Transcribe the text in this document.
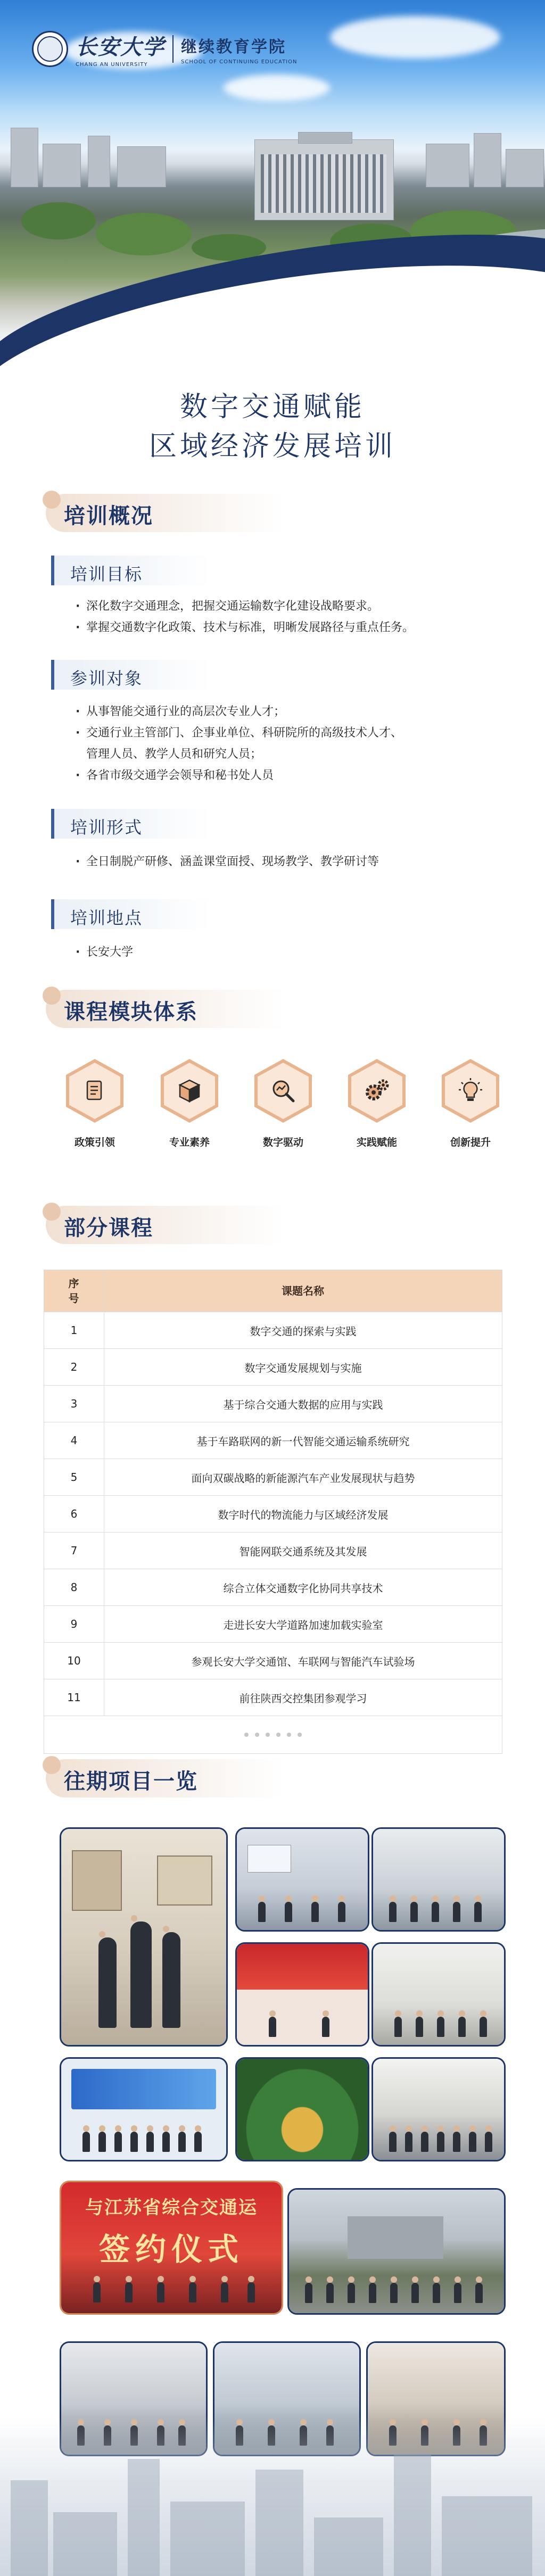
长安大学
CHANG AN UNIVERSITY
继续教育学院
SCHOOL OF CONTINUING EDUCATION
数字交通赋能
区域经济发展培训
培训概况
培训目标
· 深化数字交通理念，把握交通运输数字化建设战略要求。
· 掌握交通数字化政策、技术与标准，明晰发展路径与重点任务。
参训对象
· 从事智能交通行业的高层次专业人才；
· 交通行业主管部门、企事业单位、科研院所的高级技术人才、
管理人员、教学人员和研究人员；
· 各省市级交通学会领导和秘书处人员
培训形式
· 全日制脱产研修、涵盖课堂面授、现场教学、教学研讨等
培训地点
· 长安大学
课程模块体系
政策引领	专业素养	数字驱动	实践赋能	创新提升
部分课程
序号
课题名称
1	数字交通的探索与实践
2	数字交通发展规划与实施
3	基于综合交通大数据的应用与实践
4	基于车路联网的新一代智能交通运输系统研究
5	面向双碳战略的新能源汽车产业发展现状与趋势
6	数字时代的物流能力与区域经济发展
7	智能网联交通系统及其发展
8	综合立体交通数字化协同共享技术
9	走进长安大学道路加速加载实验室
10	参观长安大学交通馆、车联网与智能汽车试验场
11	前往陕西交控集团参观学习
往期项目一览
与江苏省综合交通运
签约仪式
